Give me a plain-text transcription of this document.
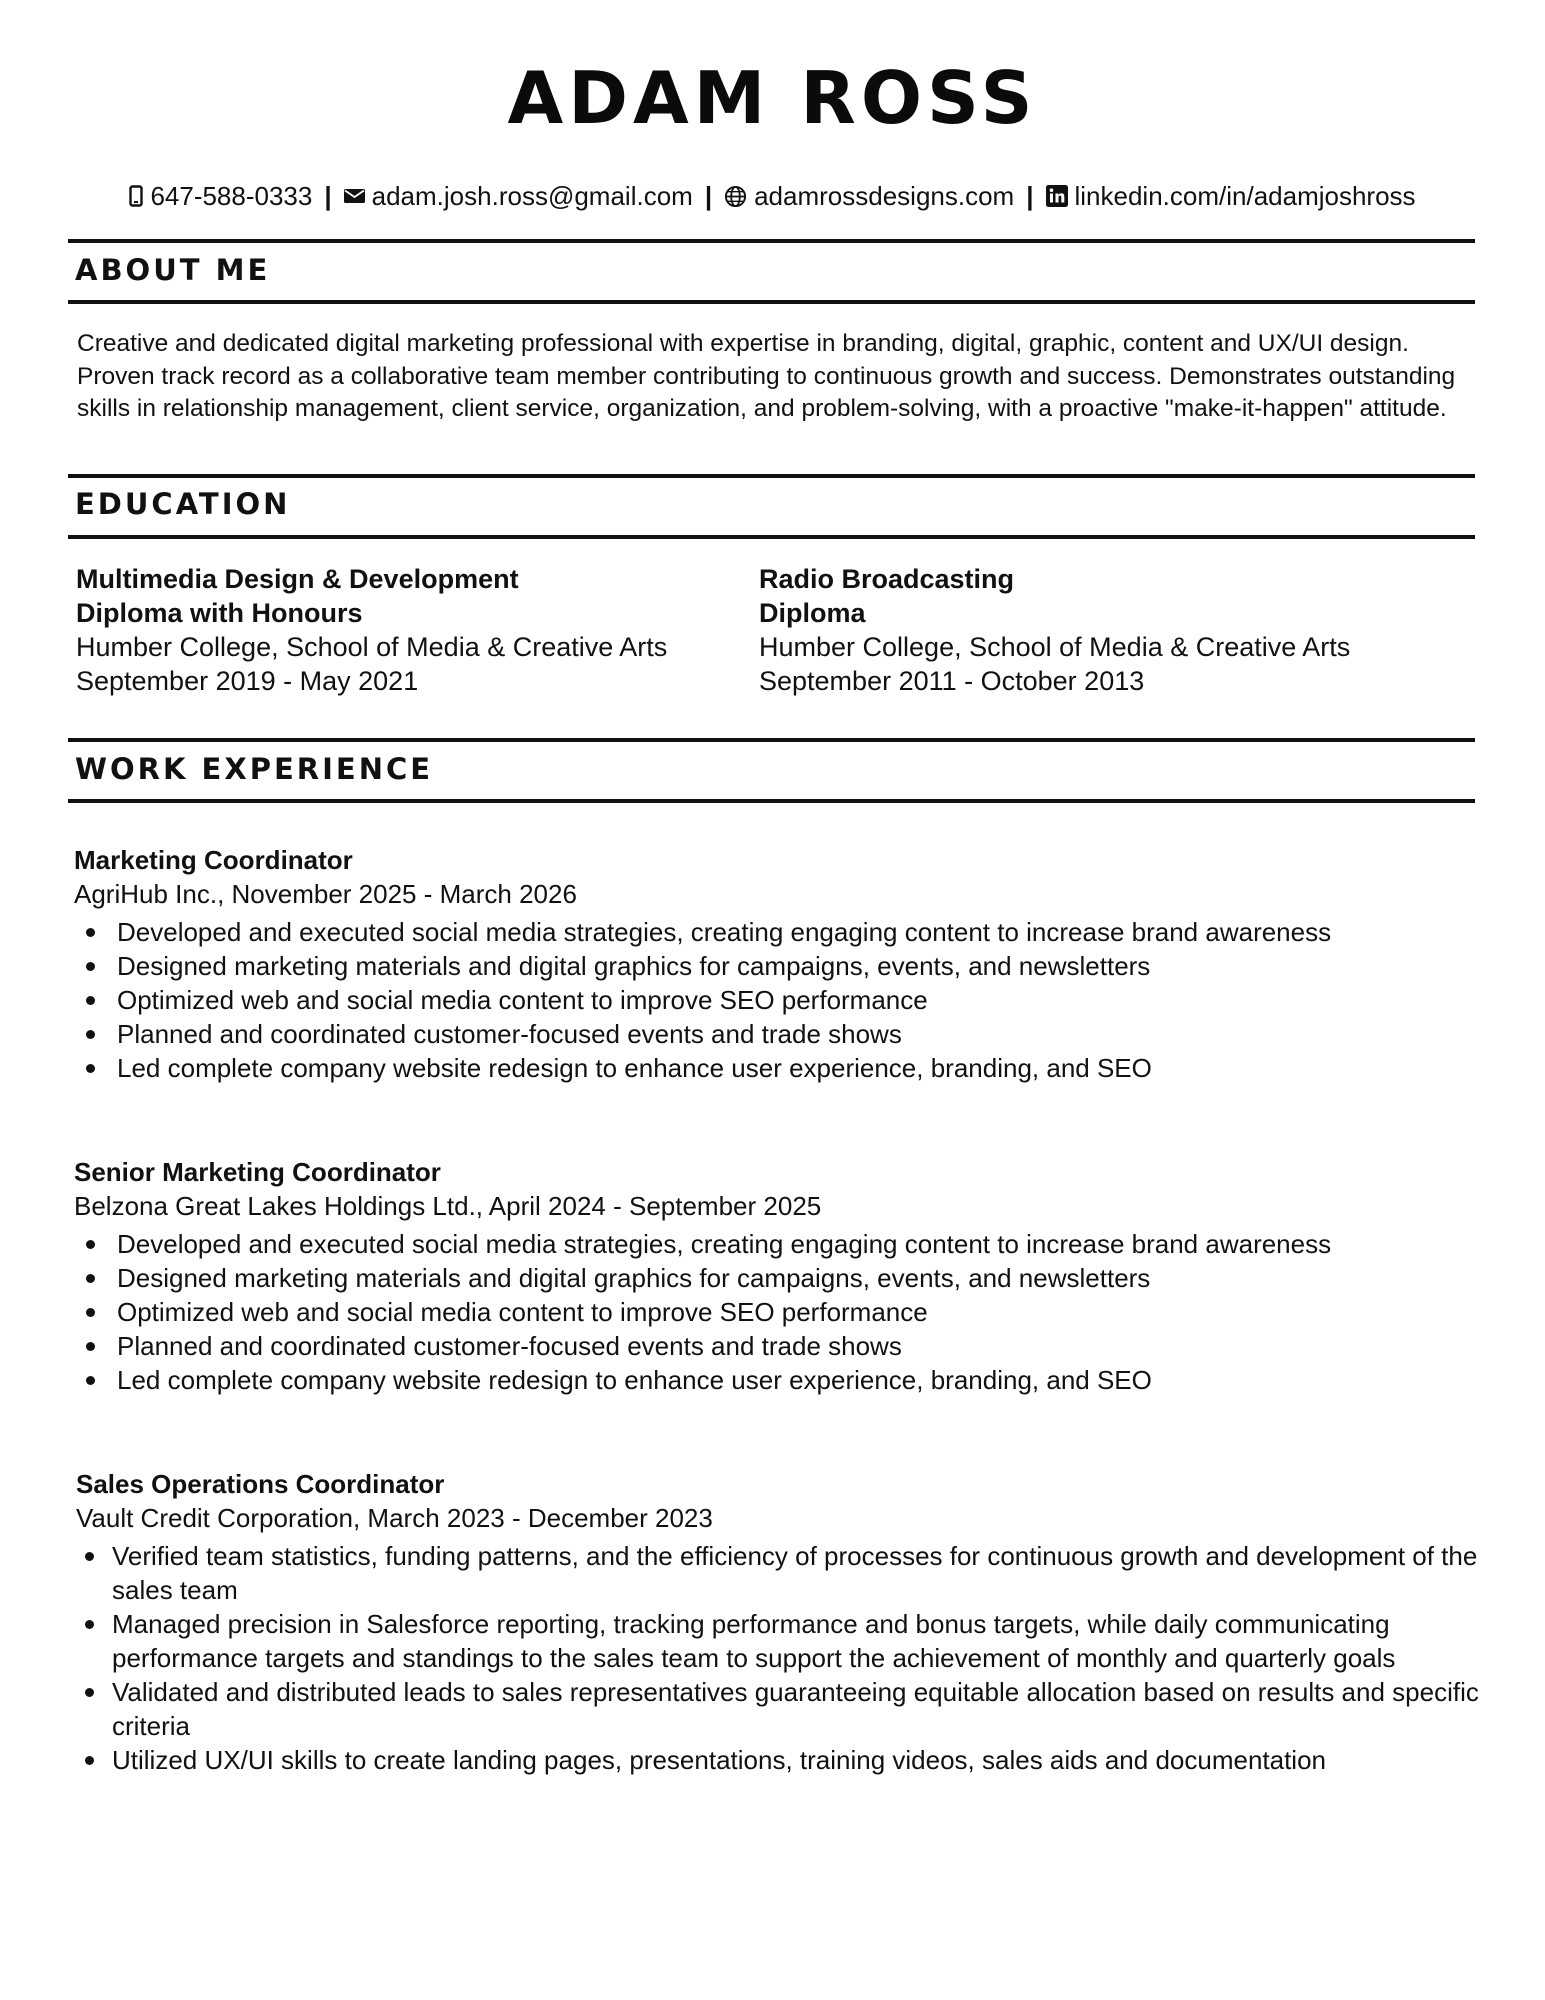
ADAM ROSS
647-588-0333 | adam.josh.ross@gmail.com | adamrossdesigns.com | linkedin.com/in/adamjoshross
ABOUT ME
Creative and dedicated digital marketing professional with expertise in branding, digital, graphic, content and UX/UI design. Proven track record as a collaborative team member contributing to continuous growth and success. Demonstrates outstanding skills in relationship management, client service, organization, and problem-solving, with a proactive "make-it-happen" attitude.
EDUCATION
Multimedia Design & Development
Diploma with Honours
Humber College, School of Media & Creative Arts
September 2019 - May 2021
Radio Broadcasting
Diploma
Humber College, School of Media & Creative Arts
September 2011 - October 2013
WORK EXPERIENCE
Marketing Coordinator
AgriHub Inc., November 2025 - March 2026
Developed and executed social media strategies, creating engaging content to increase brand awareness
Designed marketing materials and digital graphics for campaigns, events, and newsletters
Optimized web and social media content to improve SEO performance
Planned and coordinated customer-focused events and trade shows
Led complete company website redesign to enhance user experience, branding, and SEO
Senior Marketing Coordinator
Belzona Great Lakes Holdings Ltd., April 2024 - September 2025
Developed and executed social media strategies, creating engaging content to increase brand awareness
Designed marketing materials and digital graphics for campaigns, events, and newsletters
Optimized web and social media content to improve SEO performance
Planned and coordinated customer-focused events and trade shows
Led complete company website redesign to enhance user experience, branding, and SEO
Sales Operations Coordinator
Vault Credit Corporation, March 2023 - December 2023
Verified team statistics, funding patterns, and the efficiency of processes for continuous growth and development of the sales team
Managed precision in Salesforce reporting, tracking performance and bonus targets, while daily communicating performance targets and standings to the sales team to support the achievement of monthly and quarterly goals
Validated and distributed leads to sales representatives guaranteeing equitable allocation based on results and specific criteria
Utilized UX/UI skills to create landing pages, presentations, training videos, sales aids and documentation
